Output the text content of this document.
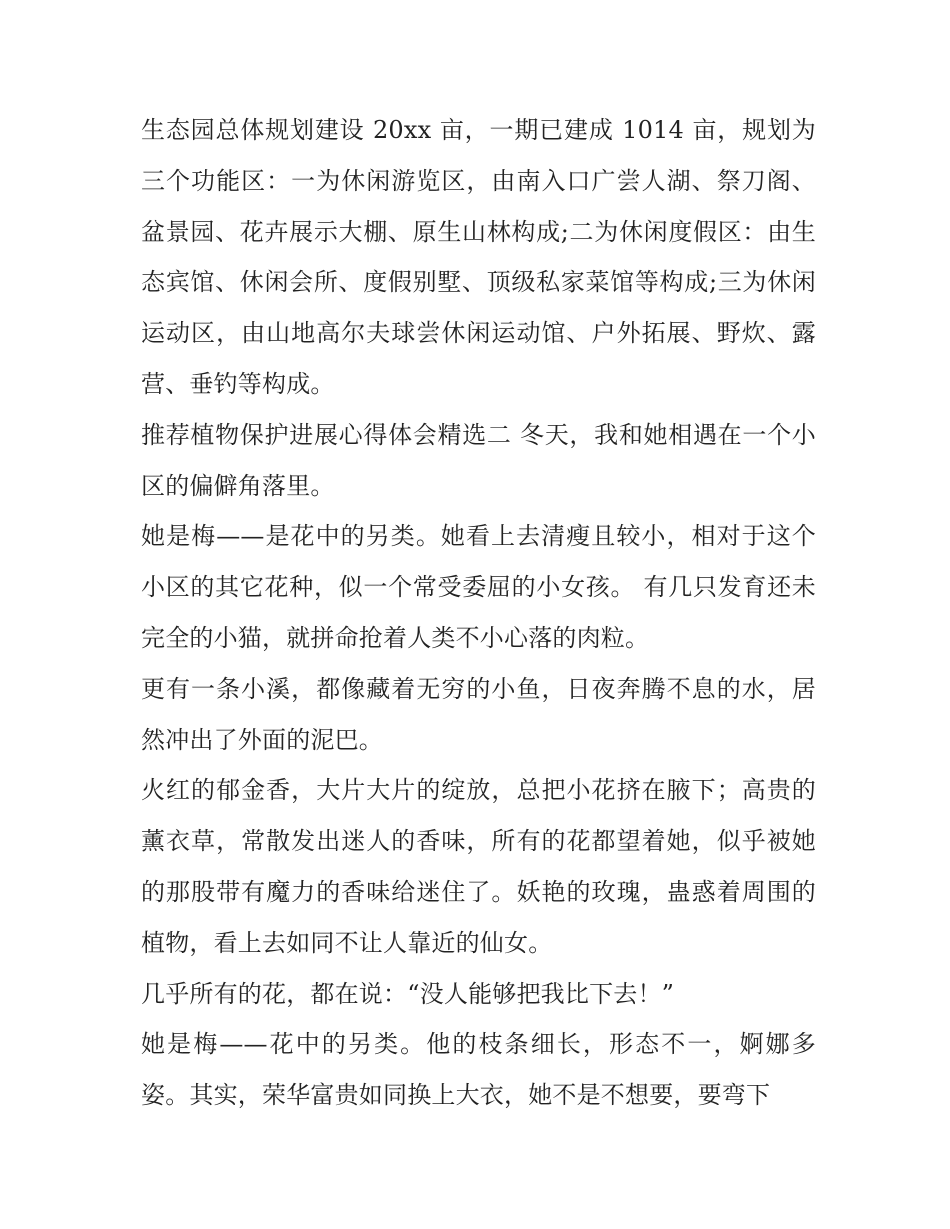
生态园总体规划建设 20xx 亩，一期已建成 1014 亩，规划为三个功能区：一为休闲游览区，由南入口广尝人湖、祭刀阁、盆景园、花卉展示大棚、原生山林构成;二为休闲度假区：由生态宾馆、休闲会所、度假别墅、顶级私家菜馆等构成;三为休闲运动区，由山地高尔夫球尝休闲运动馆、户外拓展、野炊、露营、垂钓等构成。

推荐植物保护进展心得体会精选二 冬天，我和她相遇在一个小区的偏僻角落里。

她是梅——是花中的另类。她看上去清瘦且较小，相对于这个小区的其它花种，似一个常受委屈的小女孩。 有几只发育还未完全的小猫，就拼命抢着人类不小心落的肉粒。

更有一条小溪，都像藏着无穷的小鱼，日夜奔腾不息的水，居然冲出了外面的泥巴。

火红的郁金香，大片大片的绽放，总把小花挤在腋下；高贵的薰衣草，常散发出迷人的香味，所有的花都望着她，似乎被她的那股带有魔力的香味给迷住了。妖艳的玫瑰，蛊惑着周围的植物，看上去如同不让人靠近的仙女。

几乎所有的花，都在说：“没人能够把我比下去！”

她是梅——花中的另类。他的枝条细长，形态不一，婀娜多姿。其实，荣华富贵如同换上大衣，她不是不想要，要弯下
